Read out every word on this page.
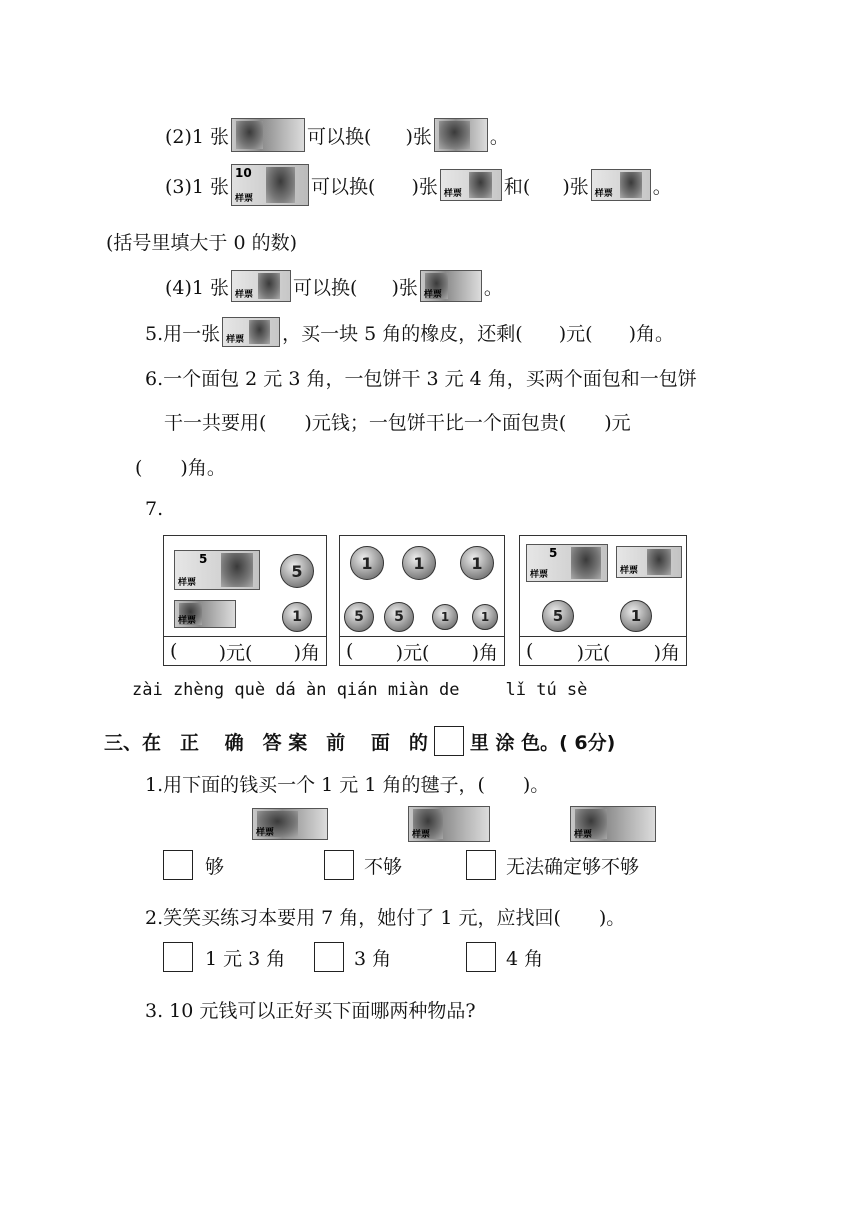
(2)1 张	可以换( )张	。
(3)1 张
10
样票
可以换( )张 样票 和( )张 样票 。
(括号里填大于 0 的数)
(4)1 张 样票 可以换( )张 样票 。
5.用一张 样票 ，买一块 5 角的橡皮，还剩( )元( )角。
6.一个面包 2 元 3 角，一包饼干 3 元 4 角，买两个面包和一包饼
干一共要用(　　)元钱；一包饼干比一个面包贵(　　)元
(　　)角。
7.
5
样票
5
样票	1
( )元( )角
1	1	1
5	5	1	1
( )元( )角
5
样票	样票
5	1
( )元( )角
zài zhèng què dá àn qián miàn de	lǐ tú sè
三、在　正　 确　答 案　前　 面　的 里 涂 色。( 6分)
1.用下面的钱买一个 1 元 1 角的毽子，(　　)。
样票	样票	样票
够	不够	无法确定够不够
2.笑笑买练习本要用 7 角，她付了 1 元，应找回(　　)。
1 元 3 角	3 角	4 角
3. 10 元钱可以正好买下面哪两种物品?
